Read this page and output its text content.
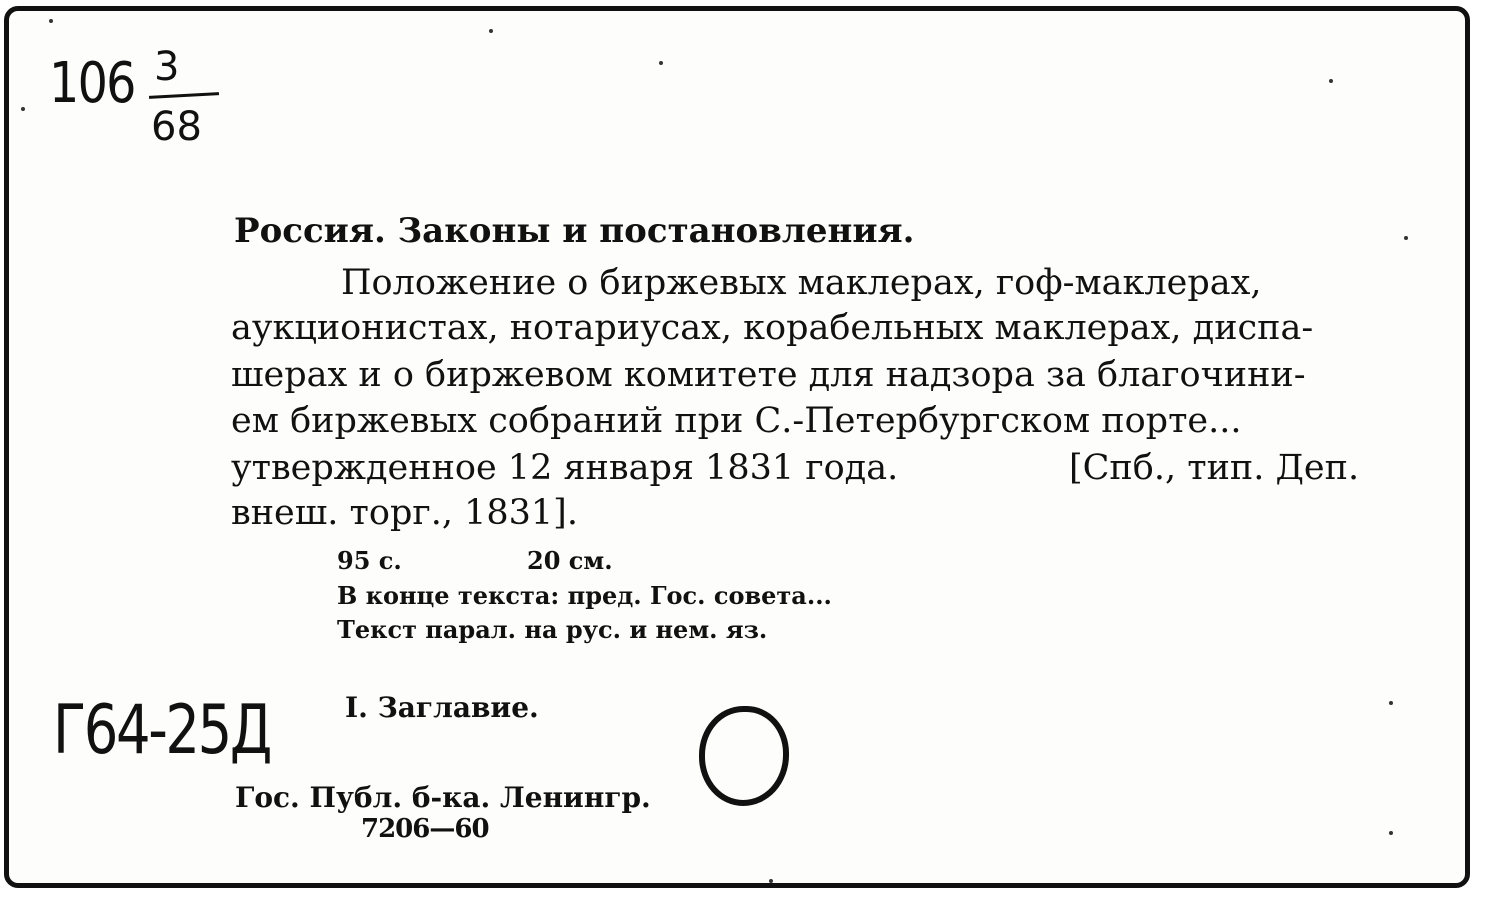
106 3
68
Россия. Законы и постановления.
Положение о биржевых маклерах, гоф-маклерах,
аукционистах, нотариусах, корабельных маклерах, диспа-
шерах и о биржевом комитете для надзора за благочини-
ем биржевых собраний при С.-Петербургском порте...
утвержденное 12 января 1831 года.	[Спб., тип. Деп.
внеш. торг., 1831].
95 с.	20 см.
В конце текста: пред. Гос. совета...
Текст парал. на рус. и нем. яз.
Г64-25Д	I. Заглавие.
Гос. Публ. б-ка. Ленингр.
7206—60
